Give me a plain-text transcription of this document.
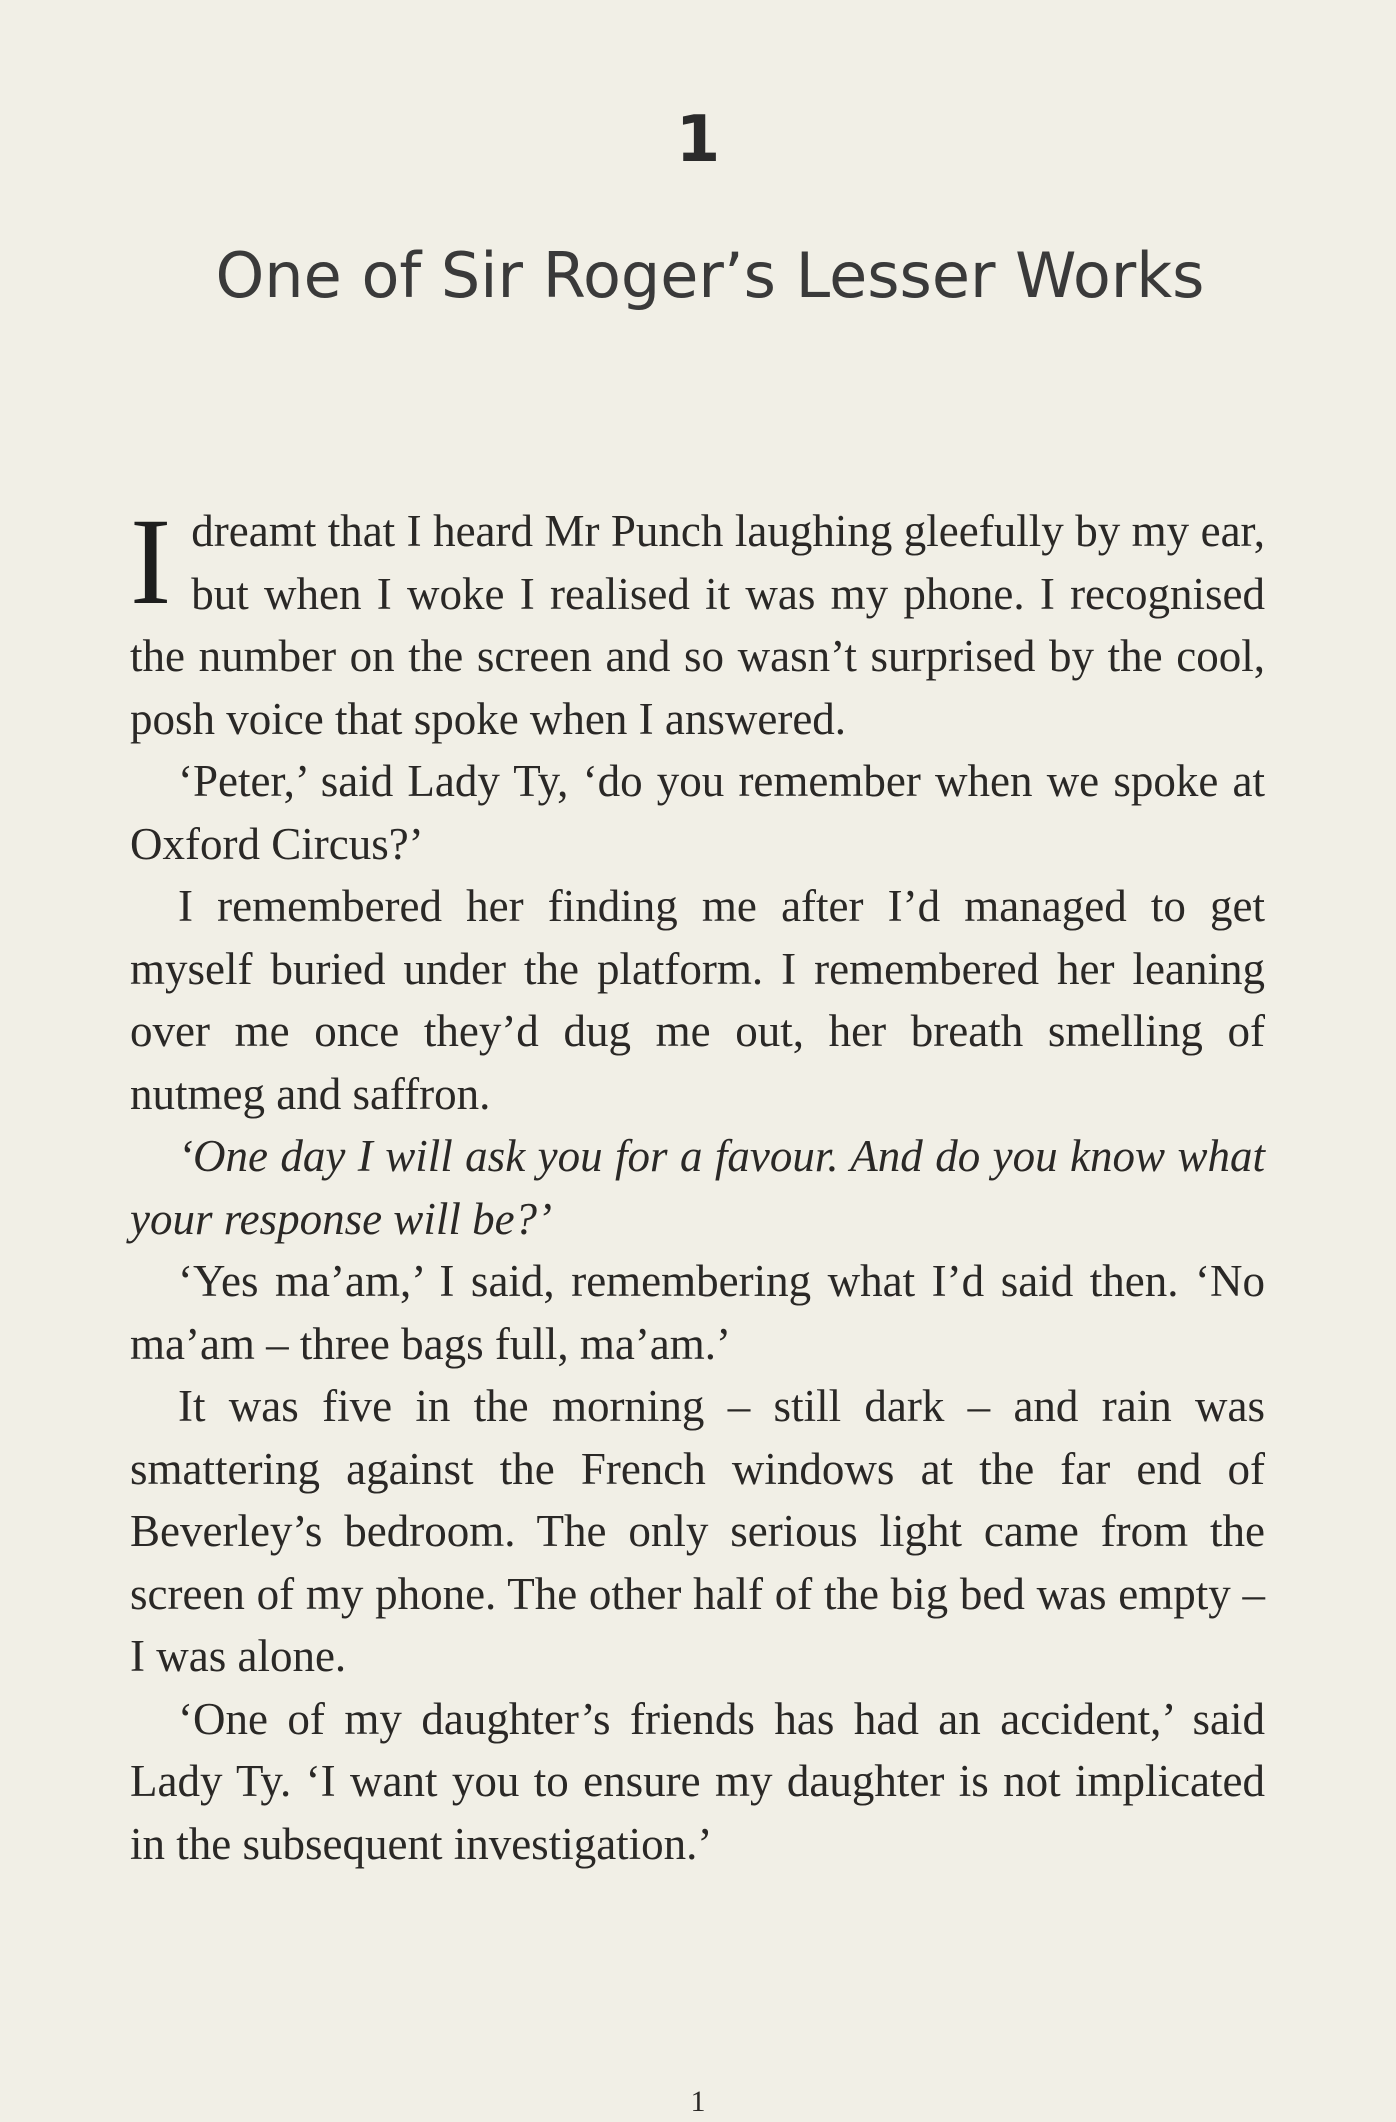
1
One of Sir Roger’s Lesser Works

Idreamt that I heard Mr Punch laughing gleefully by my ear, but when I woke I realised it was my phone. I recognised the number on the screen and so wasn’t surprised by the cool, posh voice that spoke when I answered.

‘Peter,’ said Lady Ty, ‘do you remember when we spoke at Oxford Circus?’

I remembered her finding me after I’d managed to get myself buried under the platform. I remembered her leaning over me once they’d dug me out, her breath smelling of nutmeg and saffron.

‘One day I will ask you for a favour. And do you know what your response will be?’

‘Yes ma’am,’ I said, remembering what I’d said then. ‘No ma’am – three bags full, ma’am.’

It was five in the morning – still dark – and rain was smattering against the French windows at the far end of Beverley’s bedroom. The only serious light came from the screen of my phone. The other half of the big bed was empty – I was alone.

‘One of my daughter’s friends has had an accident,’ said Lady Ty. ‘I want you to ensure my daughter is not implicated in the subsequent investigation.’

1
